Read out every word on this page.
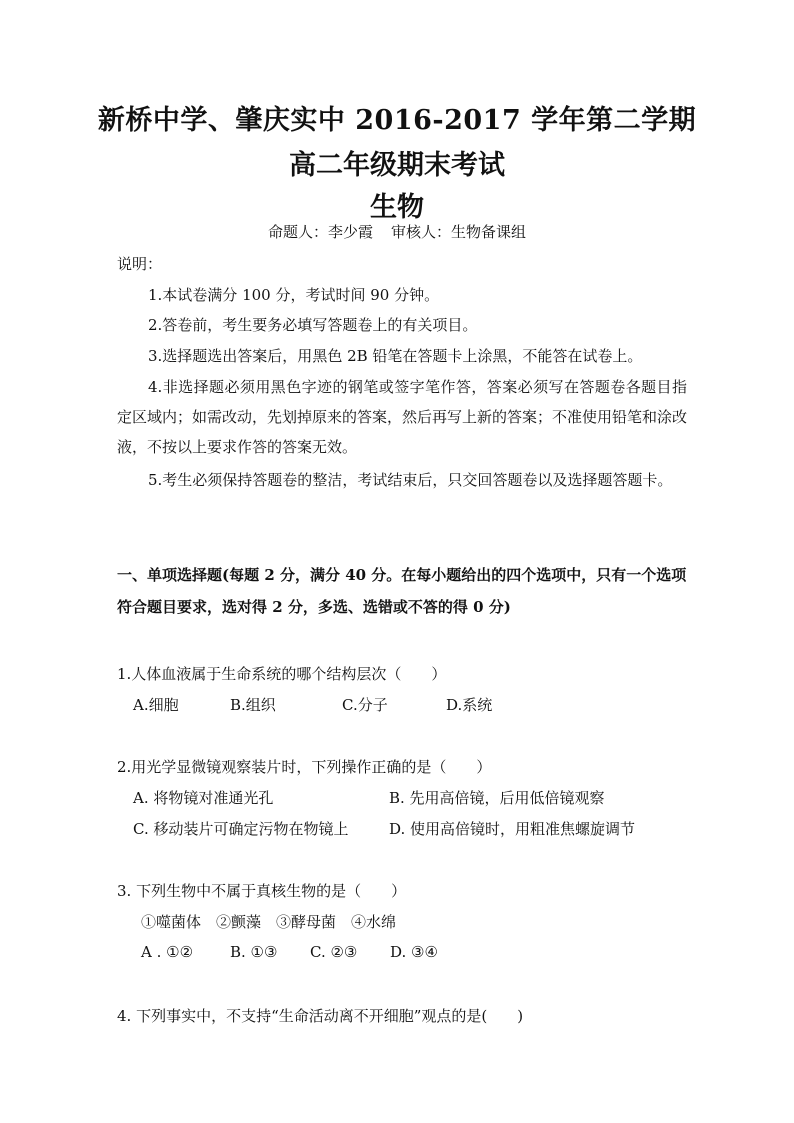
新桥中学、肇庆实中 2016-2017 学年第二学期
高二年级期末考试
生物
命题人：李少霞 审核人：生物备课组
说明：
1.本试卷满分 100 分，考试时间 90 分钟。
2.答卷前，考生要务必填写答题卷上的有关项目。
3.选择题选出答案后，用黑色 2B 铅笔在答题卡上涂黑，不能答在试卷上。
4.非选择题必须用黑色字迹的钢笔或签字笔作答，答案必须写在答题卷各题目指定区域内；如需改动，先划掉原来的答案，然后再写上新的答案；不准使用铅笔和涂改液，不按以上要求作答的答案无效。
5.考生必须保持答题卷的整洁，考试结束后，只交回答题卷以及选择题答题卡。
一、单项选择题(每题 2 分，满分 40 分。在每小题给出的四个选项中，只有一个选项符合题目要求，选对得 2 分，多选、选错或不答的得 0 分)
1.人体血液属于生命系统的哪个结构层次（　　）
A.细胞	B.组织	C.分子	D.系统
2.用光学显微镜观察装片时，下列操作正确的是（　　）
A. 将物镜对准通光孔	B. 先用高倍镜，后用低倍镜观察
C. 移动装片可确定污物在物镜上	D. 使用高倍镜时，用粗准焦螺旋调节
3. 下列生物中不属于真核生物的是（　　）
①噬菌体　②颤藻　③酵母菌　④水绵
A . ①② B. ①③ C. ②③ D. ③④
4. 下列事实中，不支持“生命活动离不开细胞”观点的是(　　)
